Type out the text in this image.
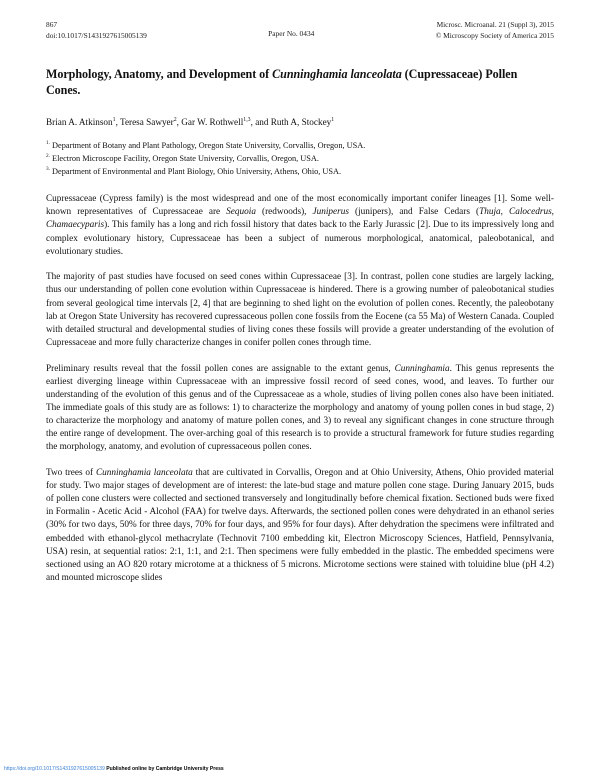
867
doi:10.1017/S1431927615005139	Paper No. 0434
Microsc. Microanal. 21 (Suppl 3), 2015
© Microscopy Society of America 2015
Morphology, Anatomy, and Development of Cunninghamia lanceolata (Cupressaceae) Pollen Cones.
Brian A. Atkinson$^1$, Teresa Sawyer$^2$, Gar W. Rothwell$^{1,3}$, and Ruth A, Stockey$^1$
$^{1.}$ Department of Botany and Plant Pathology, Oregon State University, Corvallis, Oregon, USA.
$^{2.}$ Electron Microscope Facility, Oregon State University, Corvallis, Oregon, USA.
$^{3.}$ Department of Environmental and Plant Biology, Ohio University, Athens, Ohio, USA.

Cupressaceae (Cypress family) is the most widespread and one of the most economically important conifer lineages [1]. Some well-known representatives of Cupressaceae are Sequoia (redwoods), Juniperus (junipers), and False Cedars (Thuja, Calocedrus, Chamaecyparis). This family has a long and rich fossil history that dates back to the Early Jurassic [2]. Due to its impressively long and complex evolutionary history, Cupressaceae has been a subject of numerous morphological, anatomical, paleobotanical, and evolutionary studies.

The majority of past studies have focused on seed cones within Cupressaceae [3]. In contrast, pollen cone studies are largely lacking, thus our understanding of pollen cone evolution within Cupressaceae is hindered. There is a growing number of paleobotanical studies from several geological time intervals [2, 4] that are beginning to shed light on the evolution of pollen cones. Recently, the paleobotany lab at Oregon State University has recovered cupressaceous pollen cone fossils from the Eocene (ca 55 Ma) of Western Canada. Coupled with detailed structural and developmental studies of living cones these fossils will provide a greater understanding of the evolution of Cupressaceae and more fully characterize changes in conifer pollen cones through time.

Preliminary results reveal that the fossil pollen cones are assignable to the extant genus, Cunninghamia. This genus represents the earliest diverging lineage within Cupressaceae with an impressive fossil record of seed cones, wood, and leaves. To further our understanding of the evolution of this genus and of the Cupressaceae as a whole, studies of living pollen cones also have been initiated. The immediate goals of this study are as follows: 1) to characterize the morphology and anatomy of young pollen cones in bud stage, 2) to characterize the morphology and anatomy of mature pollen cones, and 3) to reveal any significant changes in cone structure through the entire range of development. The over-arching goal of this research is to provide a structural framework for future studies regarding the morphology, anatomy, and evolution of cupressaceous pollen cones.

Two trees of Cunninghamia lanceolata that are cultivated in Corvallis, Oregon and at Ohio University, Athens, Ohio provided material for study. Two major stages of development are of interest: the late-bud stage and mature pollen cone stage. During January 2015, buds of pollen cone clusters were collected and sectioned transversely and longitudinally before chemical fixation. Sectioned buds were fixed in Formalin - Acetic Acid - Alcohol (FAA) for twelve days. Afterwards, the sectioned pollen cones were dehydrated in an ethanol series (30% for two days, 50% for three days, 70% for four days, and 95% for four days). After dehydration the specimens were infiltrated and embedded with ethanol-glycol methacrylate (Technovit 7100 embedding kit, Electron Microscopy Sciences, Hatfield, Pennsylvania, USA) resin, at sequential ratios: 2:1, 1:1, and 2:1. Then specimens were fully embedded in the plastic. The embedded specimens were sectioned using an AO 820 rotary microtome at a thickness of 5 microns. Microtome sections were stained with toluidine blue (pH 4.2) and mounted microscope slides

https://doi.org/10.1017/S1431927615005139 Published online by Cambridge University Press
